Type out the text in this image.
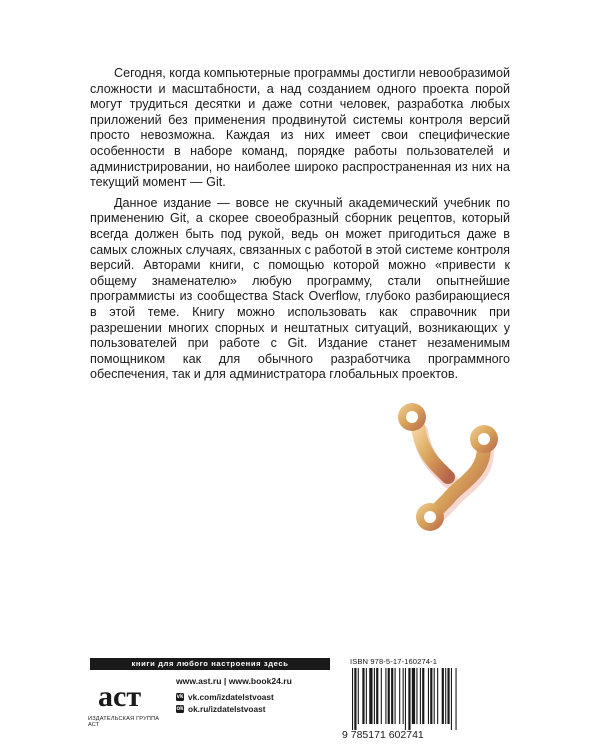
Сегодня, когда компьютерные программы достигли невообразимой сложности и масштабности, а над созданием одного проекта порой могут трудиться десятки и даже сотни человек, разработка любых приложений без применения продвинутой системы контроля версий просто невозможна. Каждая из них имеет свои специфические особенности в наборе команд, порядке работы пользователей и администрировании, но наиболее широко распространенная из них на текущий момент — Git.

Данное издание — вовсе не скучный академический учебник по применению Git, а скорее своеобразный сборник рецептов, который всегда должен быть под рукой, ведь он может пригодиться даже в самых сложных случаях, связанных с работой в этой системе контроля версий. Авторами книги, с помощью которой можно «привести к общему знаменателю» любую программу, стали опытнейшие программисты из сообщества Stack Overflow, глубоко разбирающиеся в этой теме. Книгу можно использовать как справочник при разрешении многих спорных и нештатных ситуаций, возникающих у пользователей при работе с Git. Издание станет незаменимым помощником как для обычного разработчика программного обеспечения, так и для администратора глобальных проектов.

книги для любого настроения здесь
аст
ИЗДАТЕЛЬСКАЯ ГРУППА АСТ
www.ast.ru | www.book24.ru
vk vk.com/izdatelstvoast
ok ok.ru/izdatelstvoast
ISBN 978-5-17-160274-1
9 785171 602741
